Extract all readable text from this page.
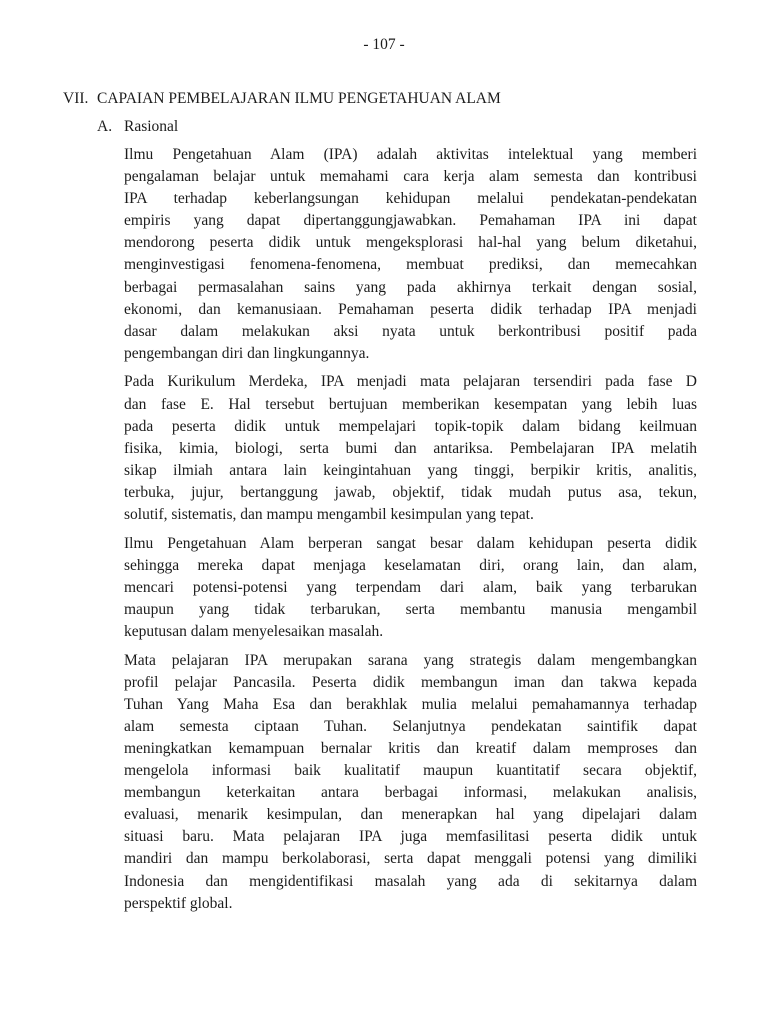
- 107 -
VII. CAPAIAN PEMBELAJARAN ILMU PENGETAHUAN ALAM
A. Rasional
Ilmu Pengetahuan Alam (IPA) adalah aktivitas intelektual yang memberi
pengalaman belajar untuk memahami cara kerja alam semesta dan kontribusi
IPA terhadap keberlangsungan kehidupan melalui pendekatan-pendekatan
empiris yang dapat dipertanggungjawabkan. Pemahaman IPA ini dapat
mendorong peserta didik untuk mengeksplorasi hal-hal yang belum diketahui,
menginvestigasi fenomena-fenomena, membuat prediksi, dan memecahkan
berbagai permasalahan sains yang pada akhirnya terkait dengan sosial,
ekonomi, dan kemanusiaan. Pemahaman peserta didik terhadap IPA menjadi
dasar dalam melakukan aksi nyata untuk berkontribusi positif pada
pengembangan diri dan lingkungannya.
Pada Kurikulum Merdeka, IPA menjadi mata pelajaran tersendiri pada fase D
dan fase E. Hal tersebut bertujuan memberikan kesempatan yang lebih luas
pada peserta didik untuk mempelajari topik-topik dalam bidang keilmuan
fisika, kimia, biologi, serta bumi dan antariksa. Pembelajaran IPA melatih
sikap ilmiah antara lain keingintahuan yang tinggi, berpikir kritis, analitis,
terbuka, jujur, bertanggung jawab, objektif, tidak mudah putus asa, tekun,
solutif, sistematis, dan mampu mengambil kesimpulan yang tepat.
Ilmu Pengetahuan Alam berperan sangat besar dalam kehidupan peserta didik
sehingga mereka dapat menjaga keselamatan diri, orang lain, dan alam,
mencari potensi-potensi yang terpendam dari alam, baik yang terbarukan
maupun yang tidak terbarukan, serta membantu manusia mengambil
keputusan dalam menyelesaikan masalah.
Mata pelajaran IPA merupakan sarana yang strategis dalam mengembangkan
profil pelajar Pancasila. Peserta didik membangun iman dan takwa kepada
Tuhan Yang Maha Esa dan berakhlak mulia melalui pemahamannya terhadap
alam semesta ciptaan Tuhan. Selanjutnya pendekatan saintifik dapat
meningkatkan kemampuan bernalar kritis dan kreatif dalam memproses dan
mengelola informasi baik kualitatif maupun kuantitatif secara objektif,
membangun keterkaitan antara berbagai informasi, melakukan analisis,
evaluasi, menarik kesimpulan, dan menerapkan hal yang dipelajari dalam
situasi baru. Mata pelajaran IPA juga memfasilitasi peserta didik untuk
mandiri dan mampu berkolaborasi, serta dapat menggali potensi yang dimiliki
Indonesia dan mengidentifikasi masalah yang ada di sekitarnya dalam
perspektif global.
